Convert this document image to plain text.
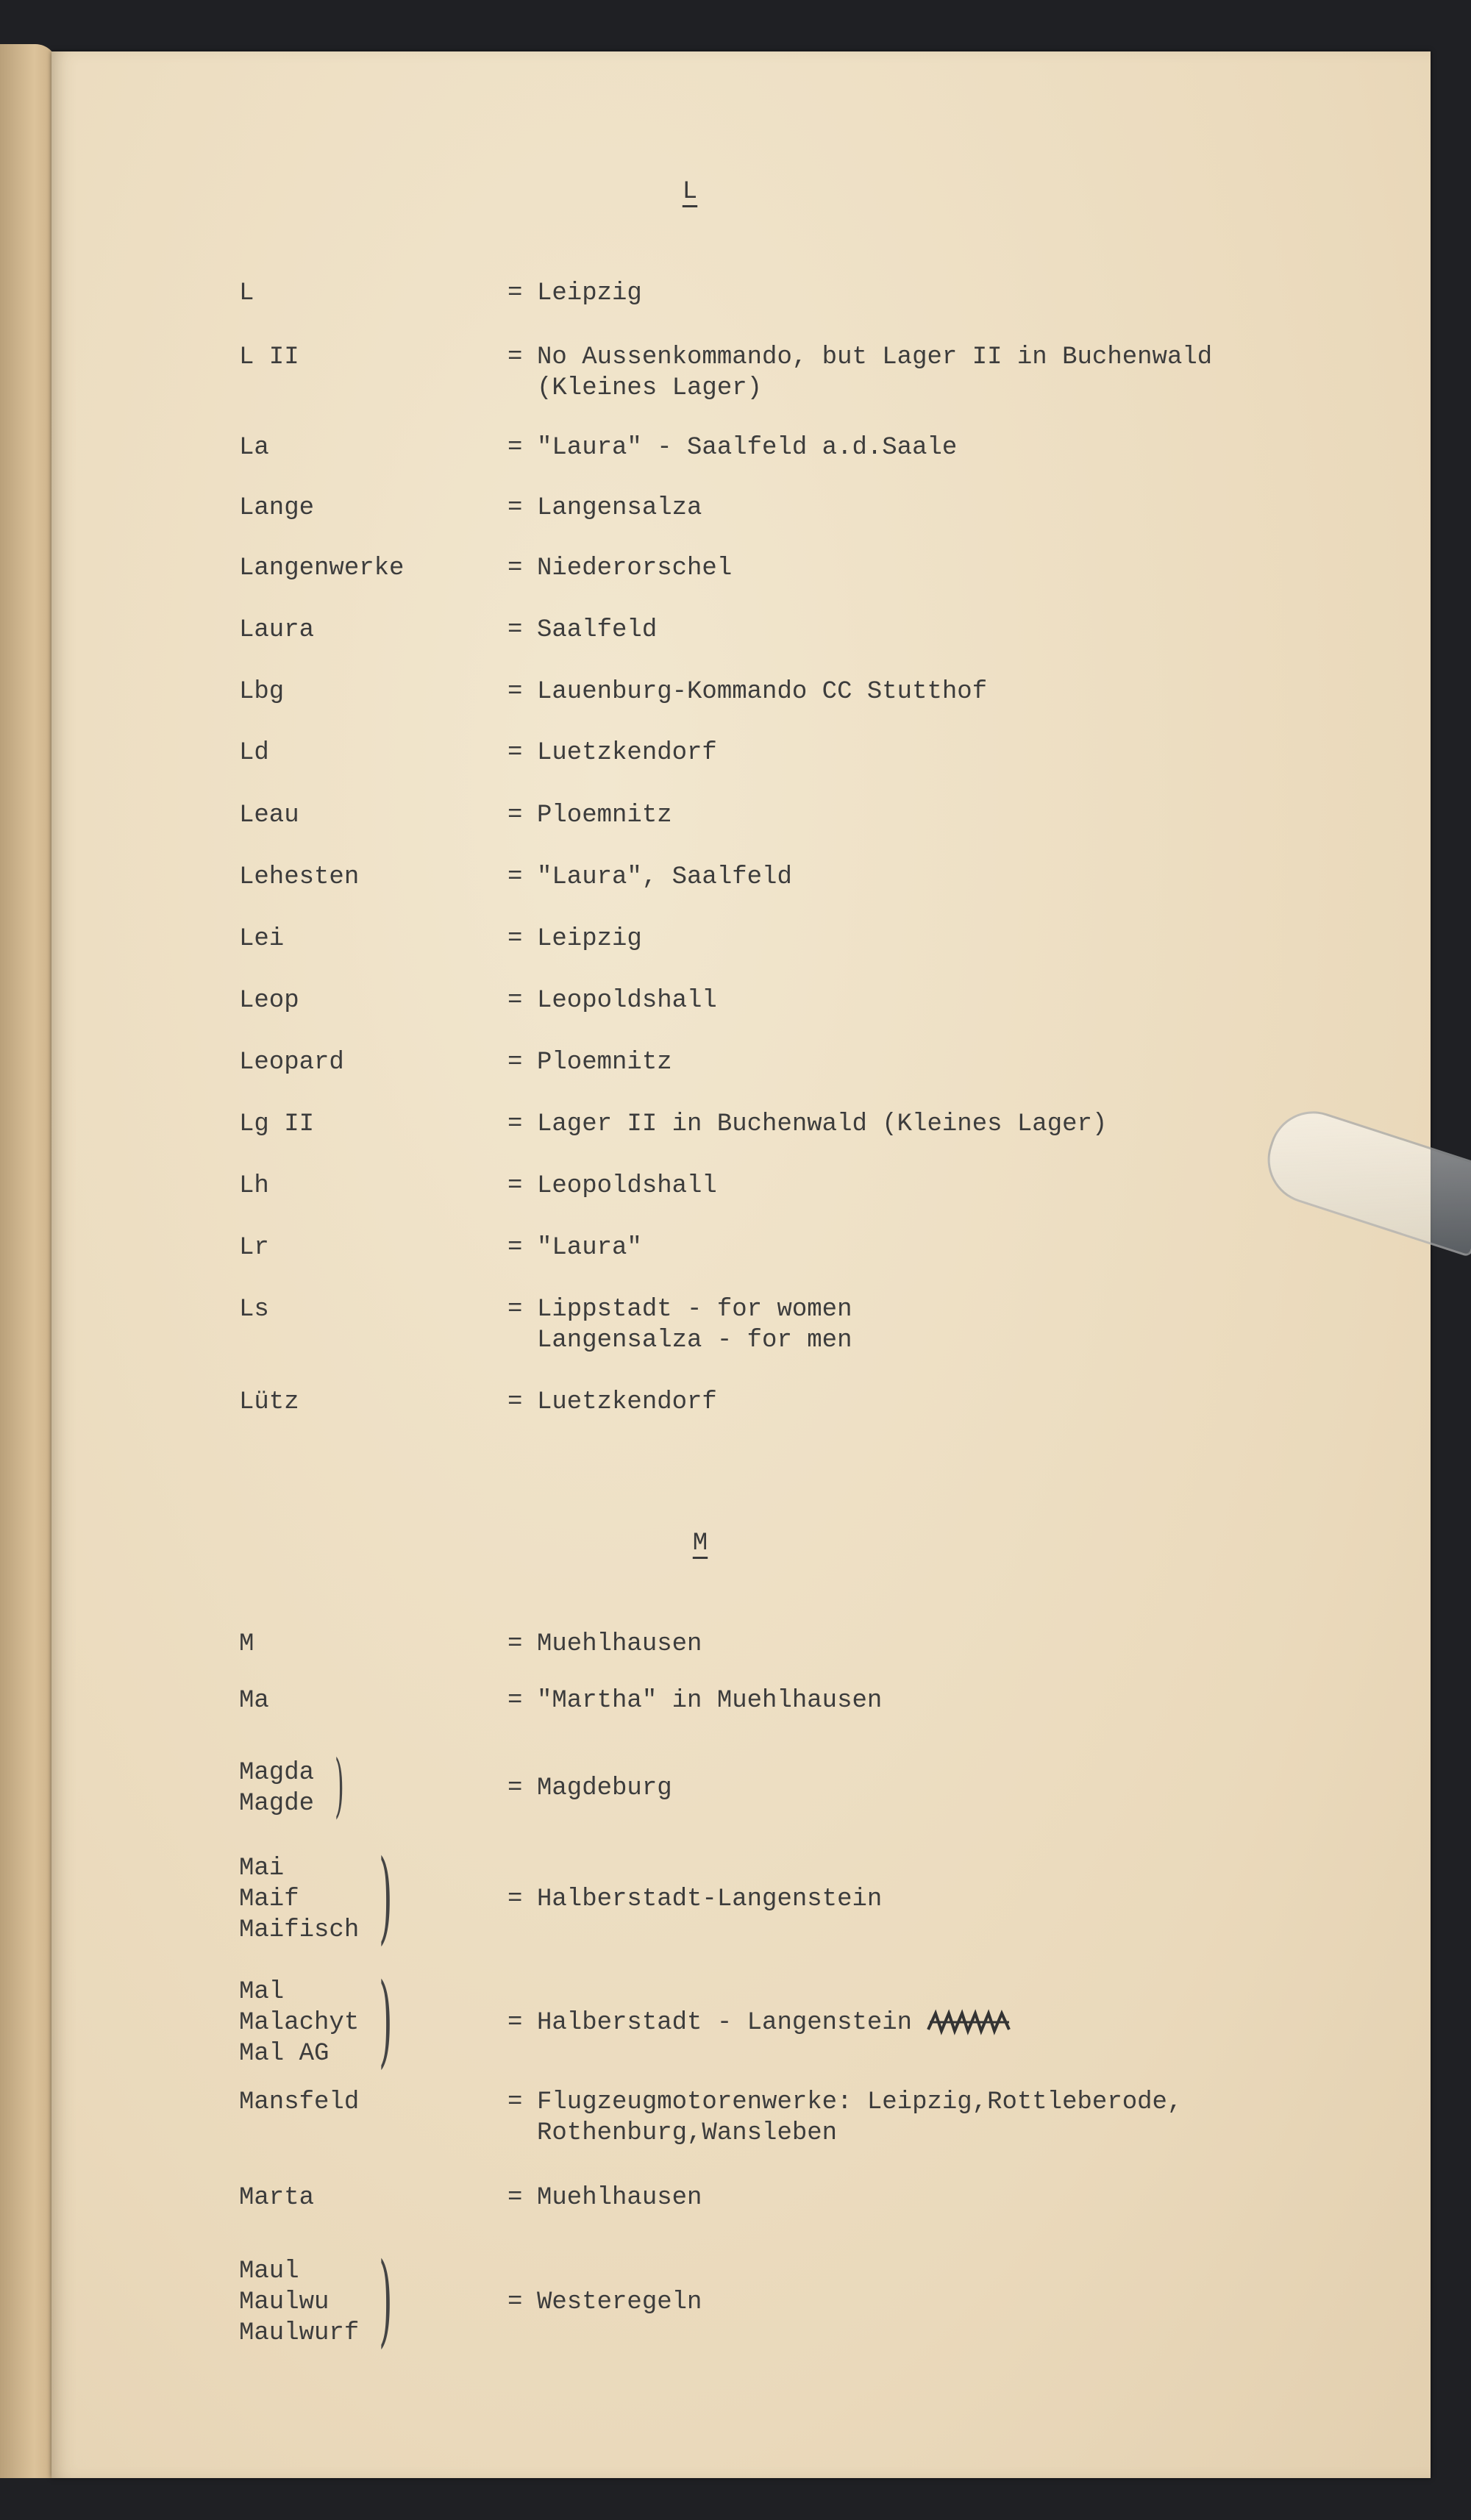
L
M
L	= Leipzig
L II	= No Aussenkommando, but Lager II in Buchenwald
(Kleines Lager)
La	= "Laura" - Saalfeld a.d.Saale
Lange	= Langensalza
Langenwerke	= Niederorschel
Laura	= Saalfeld
Lbg	= Lauenburg-Kommando CC Stutthof
Ld	= Luetzkendorf
Leau	= Ploemnitz
Lehesten	= "Laura", Saalfeld
Lei	= Leipzig
Leop	= Leopoldshall
Leopard	= Ploemnitz
Lg II	= Lager II in Buchenwald (Kleines Lager)
Lh	= Leopoldshall
Lr	= "Laura"
Ls	= Lippstadt - for women
Langensalza - for men
Lütz	= Luetzkendorf
M	= Muehlhausen
Ma	= "Martha" in Muehlhausen
Magda
Magde )	= Magdeburg
Mai
Maif
Maifisch )	= Halberstadt-Langenstein
Mal
Malachyt
Mal AG )	= Halberstadt - Langenstein
Mansfeld	= Flugzeugmotorenwerke: Leipzig,Rottleberode,
Rothenburg,Wansleben
Marta	= Muehlhausen
Maul
Maulwu
Maulwurf )	= Westeregeln
